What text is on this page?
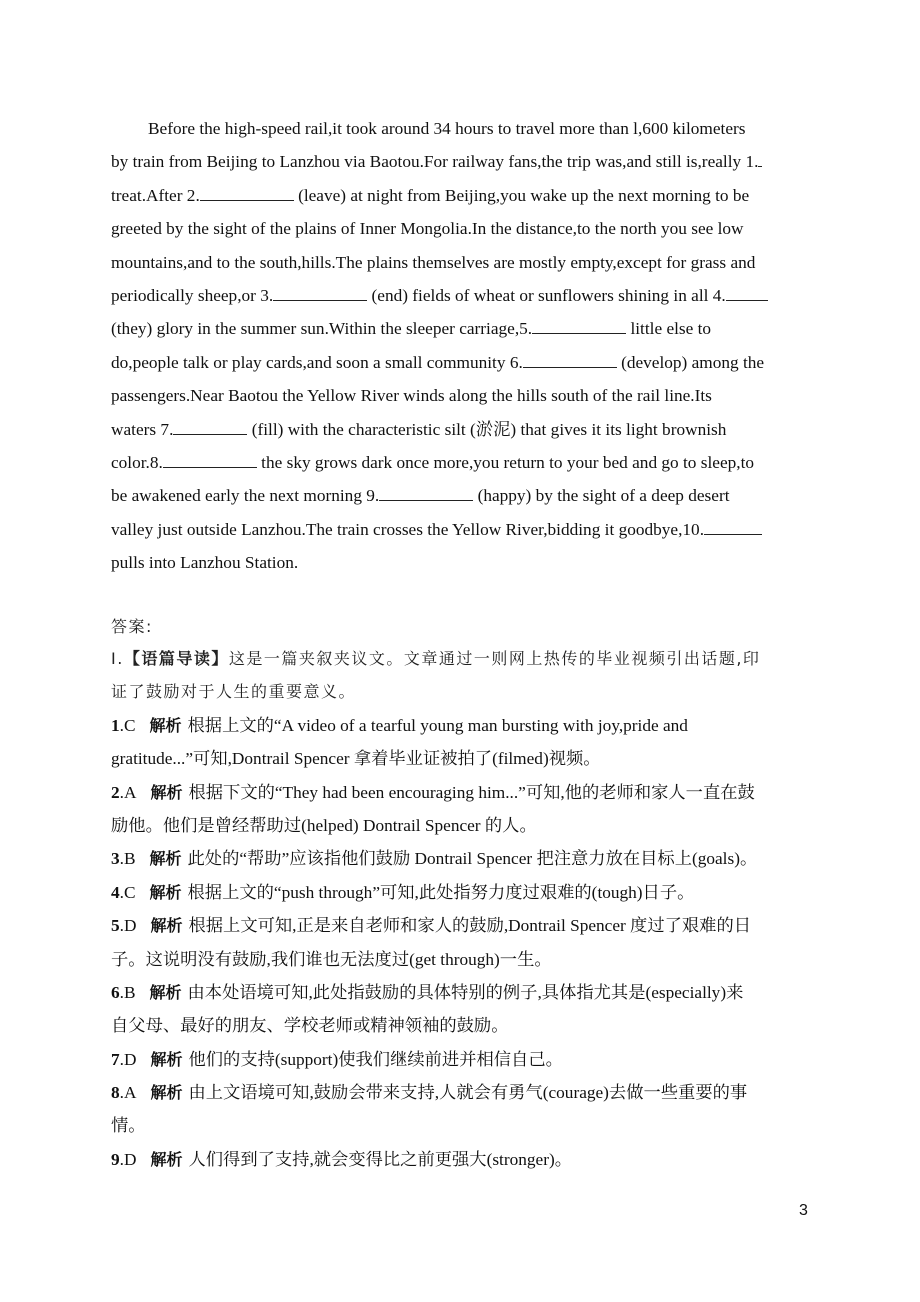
Before the high-speed rail,it took around 34 hours to travel more than l,600 kilometers
by train from Beijing to Lanzhou via Baotou.For railway fans,the trip was,and still is,really 1.
treat.After 2.	(leave) at night from Beijing,you wake up the next morning to be
greeted by the sight of the plains of Inner Mongolia.In the distance,to the north you see low
mountains,and to the south,hills.The plains themselves are mostly empty,except for grass and
periodically sheep,or 3.	(end) fields of wheat or sunflowers shining in all 4.
(they) glory in the summer sun.Within the sleeper carriage,5.	little else to
do,people talk or play cards,and soon a small community 6.	(develop) among the
passengers.Near Baotou the Yellow River winds along the hills south of the rail line.Its
waters 7.	(fill) with the characteristic silt (淤泥) that gives it its light brownish
color.8.	the sky grows dark once more,you return to your bed and go to sleep,to
be awakened early the next morning 9.	(happy) by the sight of a deep desert
valley just outside Lanzhou.The train crosses the Yellow River,bidding it goodbye,10.
pulls into Lanzhou Station.
答案:
Ⅰ.【语篇导读】这是一篇夹叙夹议文。文章通过一则网上热传的毕业视频引出话题,印
证了鼓励对于人生的重要意义。
1.C 解析 根据上文的“A video of a tearful young man bursting with joy,pride and
gratitude...”可知,Dontrail Spencer 拿着毕业证被拍了(filmed)视频。
2.A 解析 根据下文的“They had been encouraging him...”可知,他的老师和家人一直在鼓
励他。他们是曾经帮助过(helped) Dontrail Spencer 的人。
3.B 解析 此处的“帮助”应该指他们鼓励 Dontrail Spencer 把注意力放在目标上(goals)。
4.C 解析 根据上文的“push through”可知,此处指努力度过艰难的(tough)日子。
5.D 解析 根据上文可知,正是来自老师和家人的鼓励,Dontrail Spencer 度过了艰难的日
子。这说明没有鼓励,我们谁也无法度过(get through)一生。
6.B 解析 由本处语境可知,此处指鼓励的具体特别的例子,具体指尤其是(especially)来
自父母、最好的朋友、学校老师或精神领袖的鼓励。
7.D 解析 他们的支持(support)使我们继续前进并相信自己。
8.A 解析 由上文语境可知,鼓励会带来支持,人就会有勇气(courage)去做一些重要的事
情。
9.D 解析 人们得到了支持,就会变得比之前更强大(stronger)。
3
